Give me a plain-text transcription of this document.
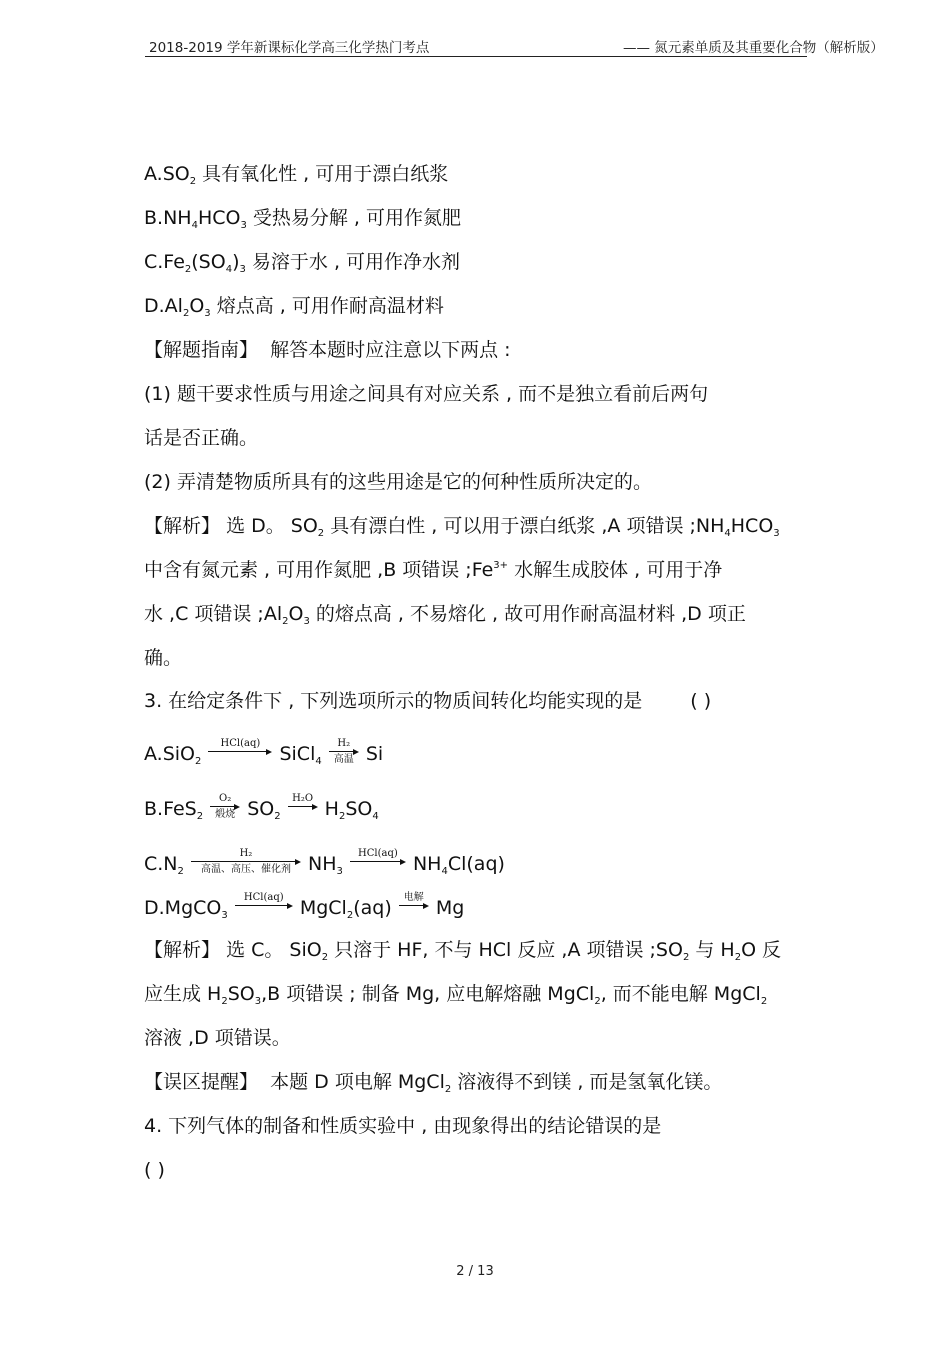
2018-2019 学年新课标化学高三化学热门考点	—— 氮元素单质及其重要化合物（解析版）
$A.SO_2$ 具有氧化性 , 可用于漂白纸浆
$B.NH_4HCO_3$ 受热易分解 , 可用作氮肥
$C.Fe_2(SO_4)_3$ 易溶于水 , 可用作净水剂
$D.Al_2O_3$ 熔点高 , 可用作耐高温材料
【解题指南】 解答本题时应注意以下两点 :
(1) 题干要求性质与用途之间具有对应关系 , 而不是独立看前后两句
话是否正确。
(2) 弄清楚物质所具有的这些用途是它的何种性质所决定的。
【解析】 选 D。 $SO_2$ 具有漂白性 , 可以用于漂白纸浆 ,A 项错误 $;NH_4HCO_3$
中含有氮元素 , 可用作氮肥 ,B 项错误 $;Fe^{3+}$ 水解生成胶体 , 可用于净
水 ,C 项错误 $;Al_2O_3$ 的熔点高 , 不易熔化 , 故可用作耐高温材料 ,D 项正
确。
3. 在给定条件下 , 下列选项所示的物质间转化均能实现的是	( )
A.SiO$_2$
HCl(aq)	SiCl$_4$
H₂
高温 Si
B.FeS$_2$
O₂
煅烧 $SO_2$
H₂O $H_2SO_4$
$C.N_2$
H₂
高温、高压、催化剂 $NH_3$
HCl(aq) $NH_4Cl(aq)$
D.MgCO$_3$
HCl(aq) MgCl$_2$(aq)	电解 Mg
【解析】 选 C。 SiO$_2$ 只溶于 HF, 不与 HCl 反应 ,A 项错误 $;SO_2$ 与 $H_2O$ 反
应生成 $H_2SO_3,B$ 项错误 ; 制备 Mg, 应电解熔融 MgCl$_2$, 而不能电解 MgCl$_2$
溶液 ,D 项错误。
【误区提醒】 本题 D 项电解 MgCl$_2$ 溶液得不到镁 , 而是氢氧化镁。
4. 下列气体的制备和性质实验中 , 由现象得出的结论错误的是
( )
2 / 13
